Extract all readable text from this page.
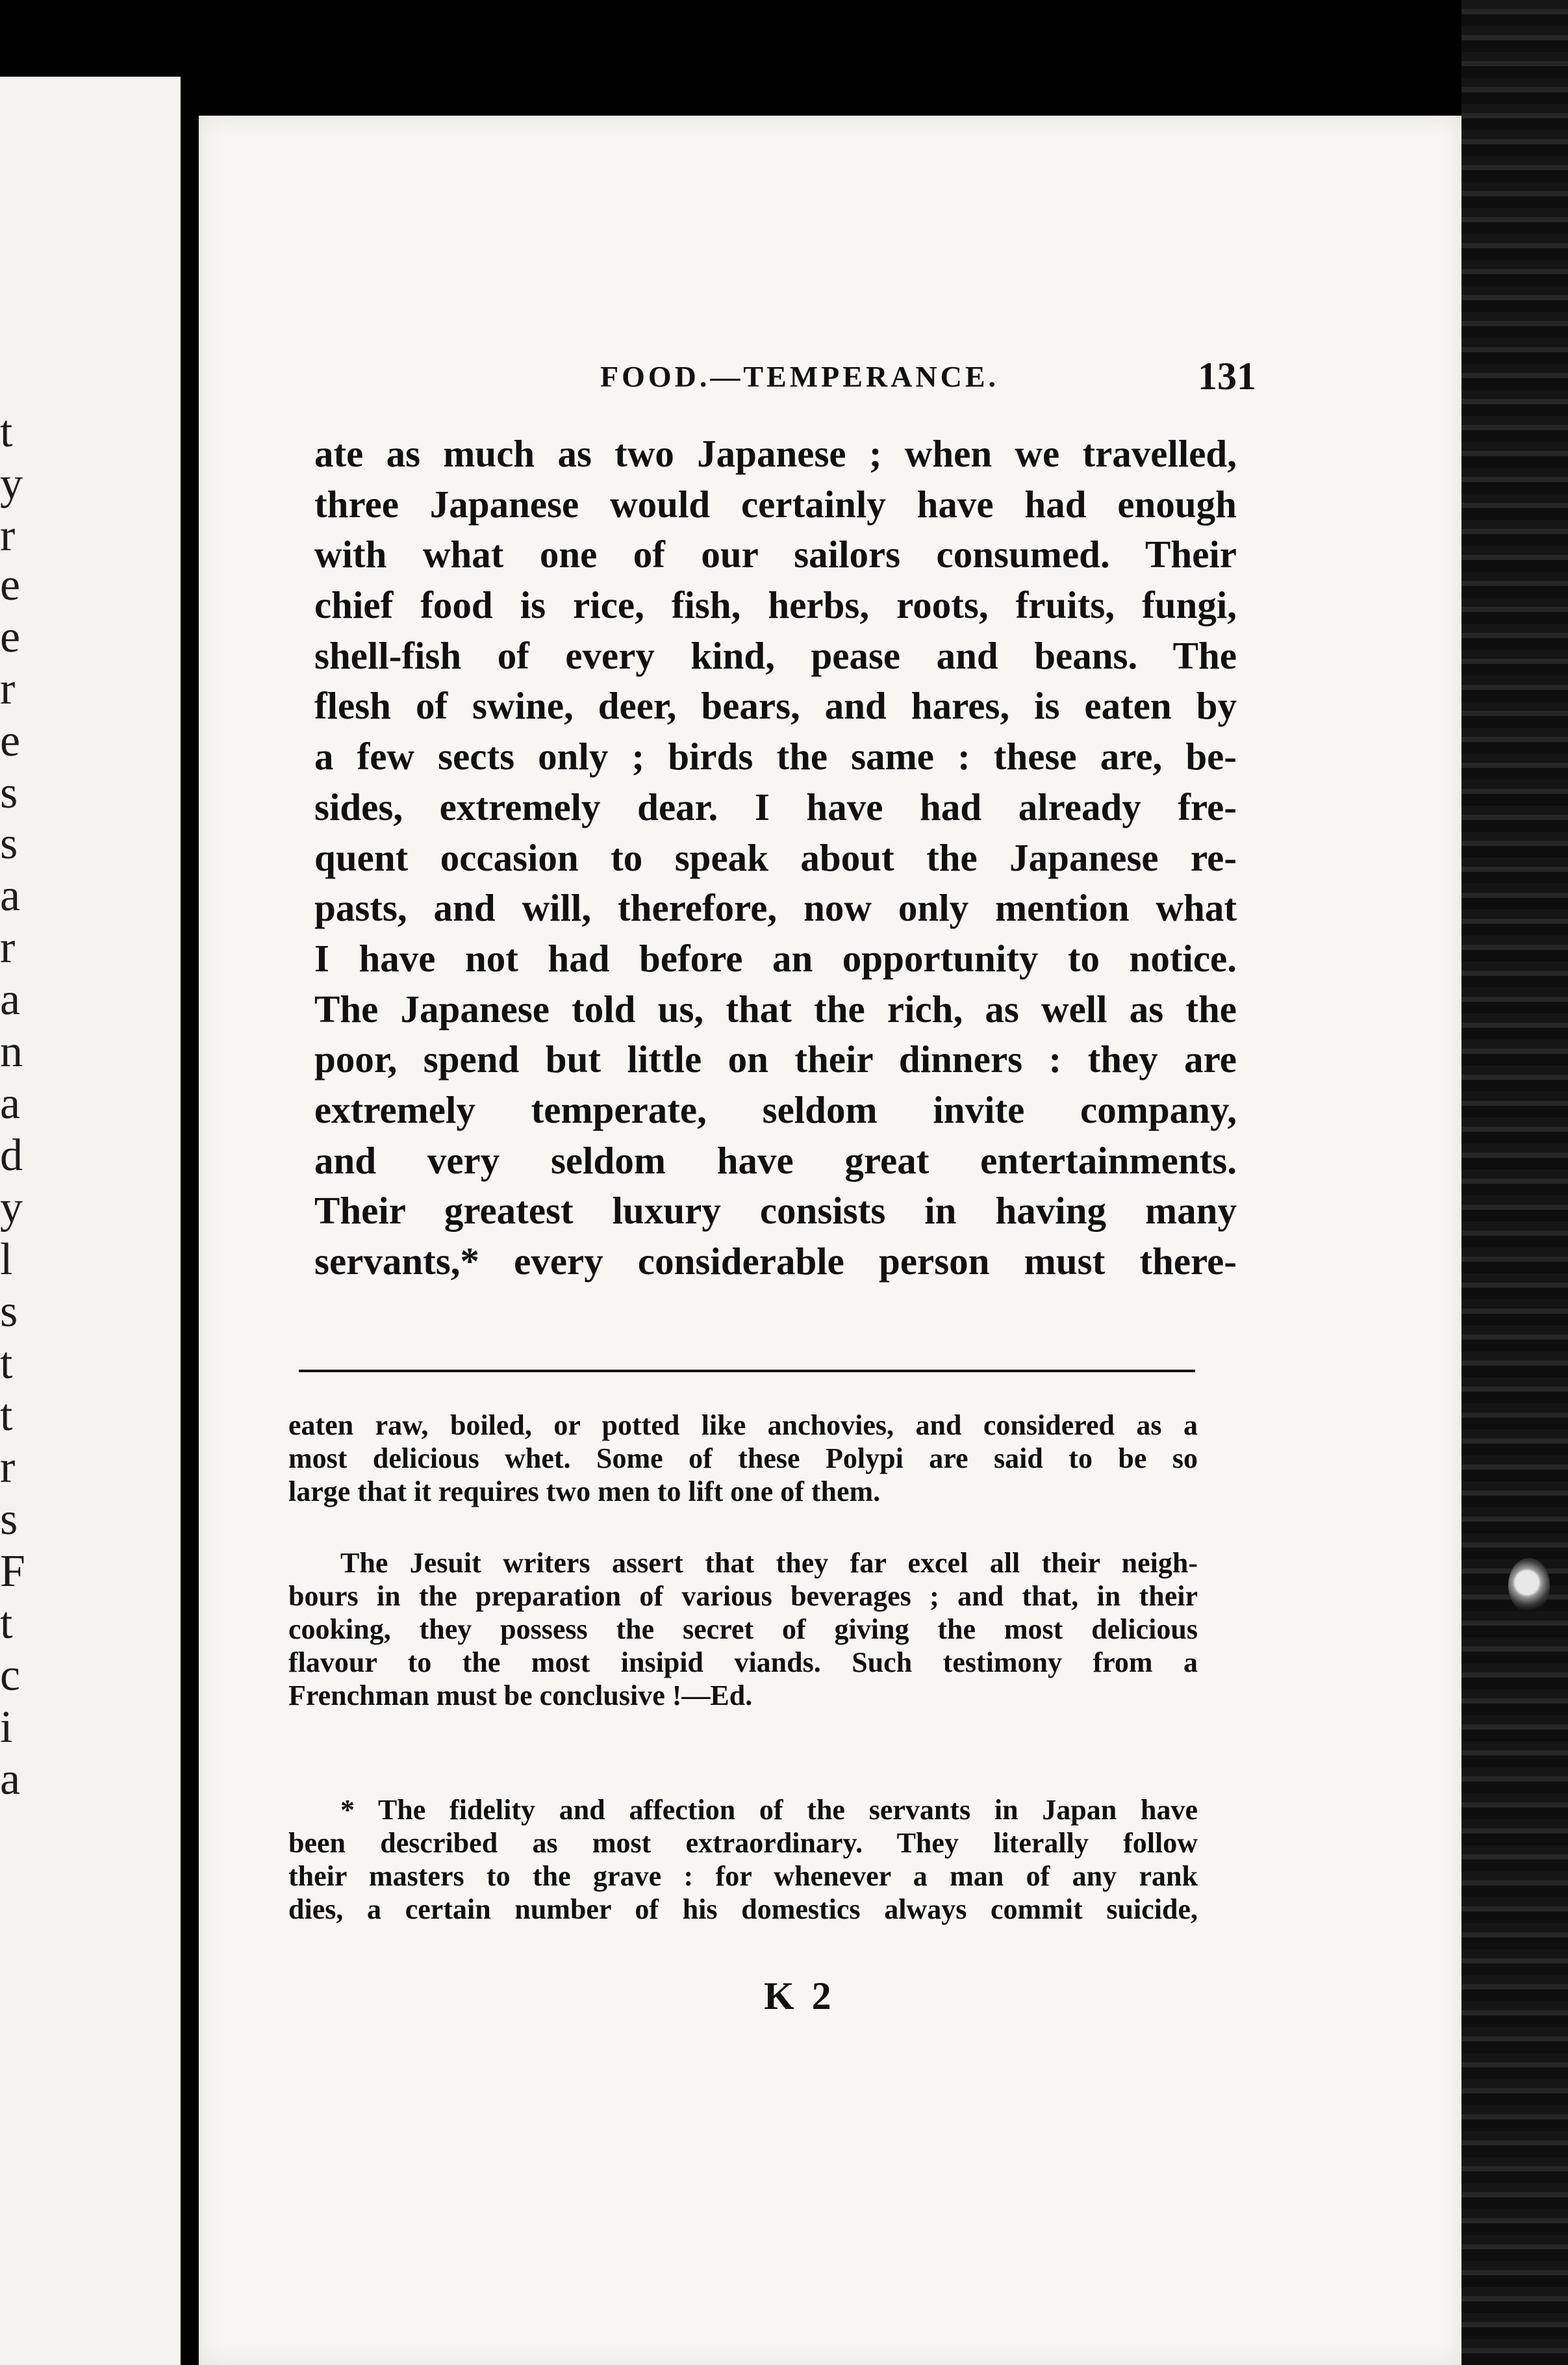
t
y
r
e
e
r
e
s
s
a
r
a
n
a
d
y
l
s
t
t
r
s
F
t
c
i
a
FOOD.—TEMPERANCE.	131
ate as much as two Japanese ; when we travelled,
three Japanese would certainly have had enough
with what one of our sailors consumed. Their
chief food is rice, fish, herbs, roots, fruits, fungi,
shell-fish of every kind, pease and beans. The
flesh of swine, deer, bears, and hares, is eaten by
a few sects only ; birds the same : these are, be-
sides, extremely dear. I have had already fre-
quent occasion to speak about the Japanese re-
pasts, and will, therefore, now only mention what
I have not had before an opportunity to notice.
The Japanese told us, that the rich, as well as the
poor, spend but little on their dinners : they are
extremely temperate, seldom invite company,
and very seldom have great entertainments.
Their greatest luxury consists in having many
servants,* every considerable person must there-
eaten raw, boiled, or potted like anchovies, and considered as a
most delicious whet. Some of these Polypi are said to be so
large that it requires two men to lift one of them.
The Jesuit writers assert that they far excel all their neigh-
bours in the preparation of various beverages ; and that, in their
cooking, they possess the secret of giving the most delicious
flavour to the most insipid viands. Such testimony from a
Frenchman must be conclusive !—Ed.
* The fidelity and affection of the servants in Japan have
been described as most extraordinary. They literally follow
their masters to the grave : for whenever a man of any rank
dies, a certain number of his domestics always commit suicide,
K 2
